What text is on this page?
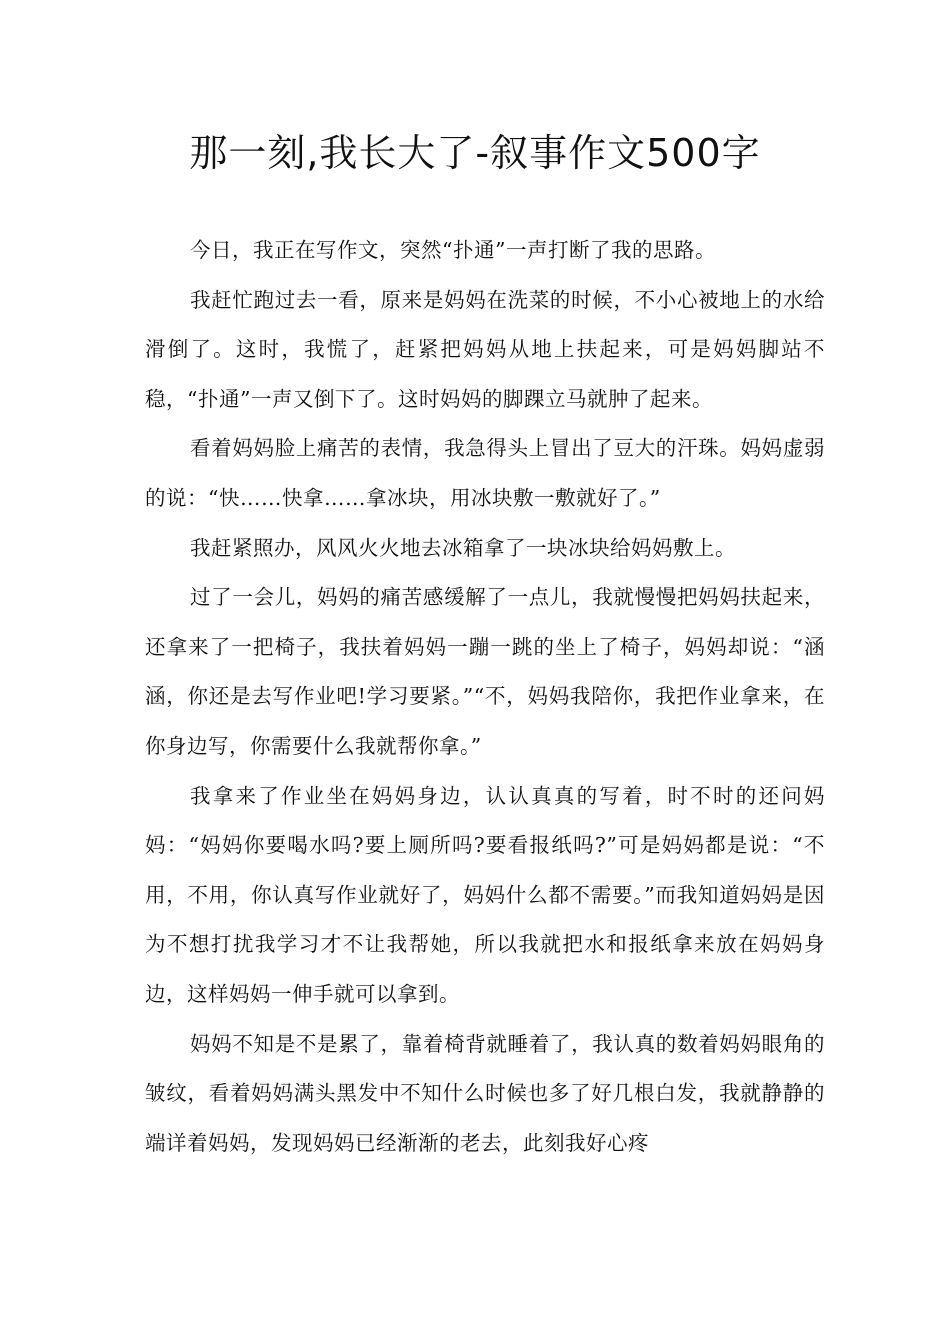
那一刻,我长大了-叙事作文500字

今日，我正在写作文，突然“扑通”一声打断了我的思路。

我赶忙跑过去一看，原来是妈妈在洗菜的时候，不小心被地上的水给滑倒了。这时，我慌了，赶紧把妈妈从地上扶起来，可是妈妈脚站不稳，“扑通”一声又倒下了。这时妈妈的脚踝立马就肿了起来。

看着妈妈脸上痛苦的表情，我急得头上冒出了豆大的汗珠。妈妈虚弱的说：“快……快拿……拿冰块，用冰块敷一敷就好了。”

我赶紧照办，风风火火地去冰箱拿了一块冰块给妈妈敷上。

过了一会儿，妈妈的痛苦感缓解了一点儿，我就慢慢把妈妈扶起来，还拿来了一把椅子，我扶着妈妈一蹦一跳的坐上了椅子，妈妈却说：“涵涵，你还是去写作业吧!学习要紧。”“不，妈妈我陪你，我把作业拿来，在你身边写，你需要什么我就帮你拿。”

我拿来了作业坐在妈妈身边，认认真真的写着，时不时的还问妈妈：“妈妈你要喝水吗?要上厕所吗?要看报纸吗?”可是妈妈都是说：“不用，不用，你认真写作业就好了，妈妈什么都不需要。”而我知道妈妈是因为不想打扰我学习才不让我帮她，所以我就把水和报纸拿来放在妈妈身边，这样妈妈一伸手就可以拿到。

妈妈不知是不是累了，靠着椅背就睡着了，我认真的数着妈妈眼角的皱纹，看着妈妈满头黑发中不知什么时候也多了好几根白发，我就静静的端详着妈妈，发现妈妈已经渐渐的老去，此刻我好心疼
